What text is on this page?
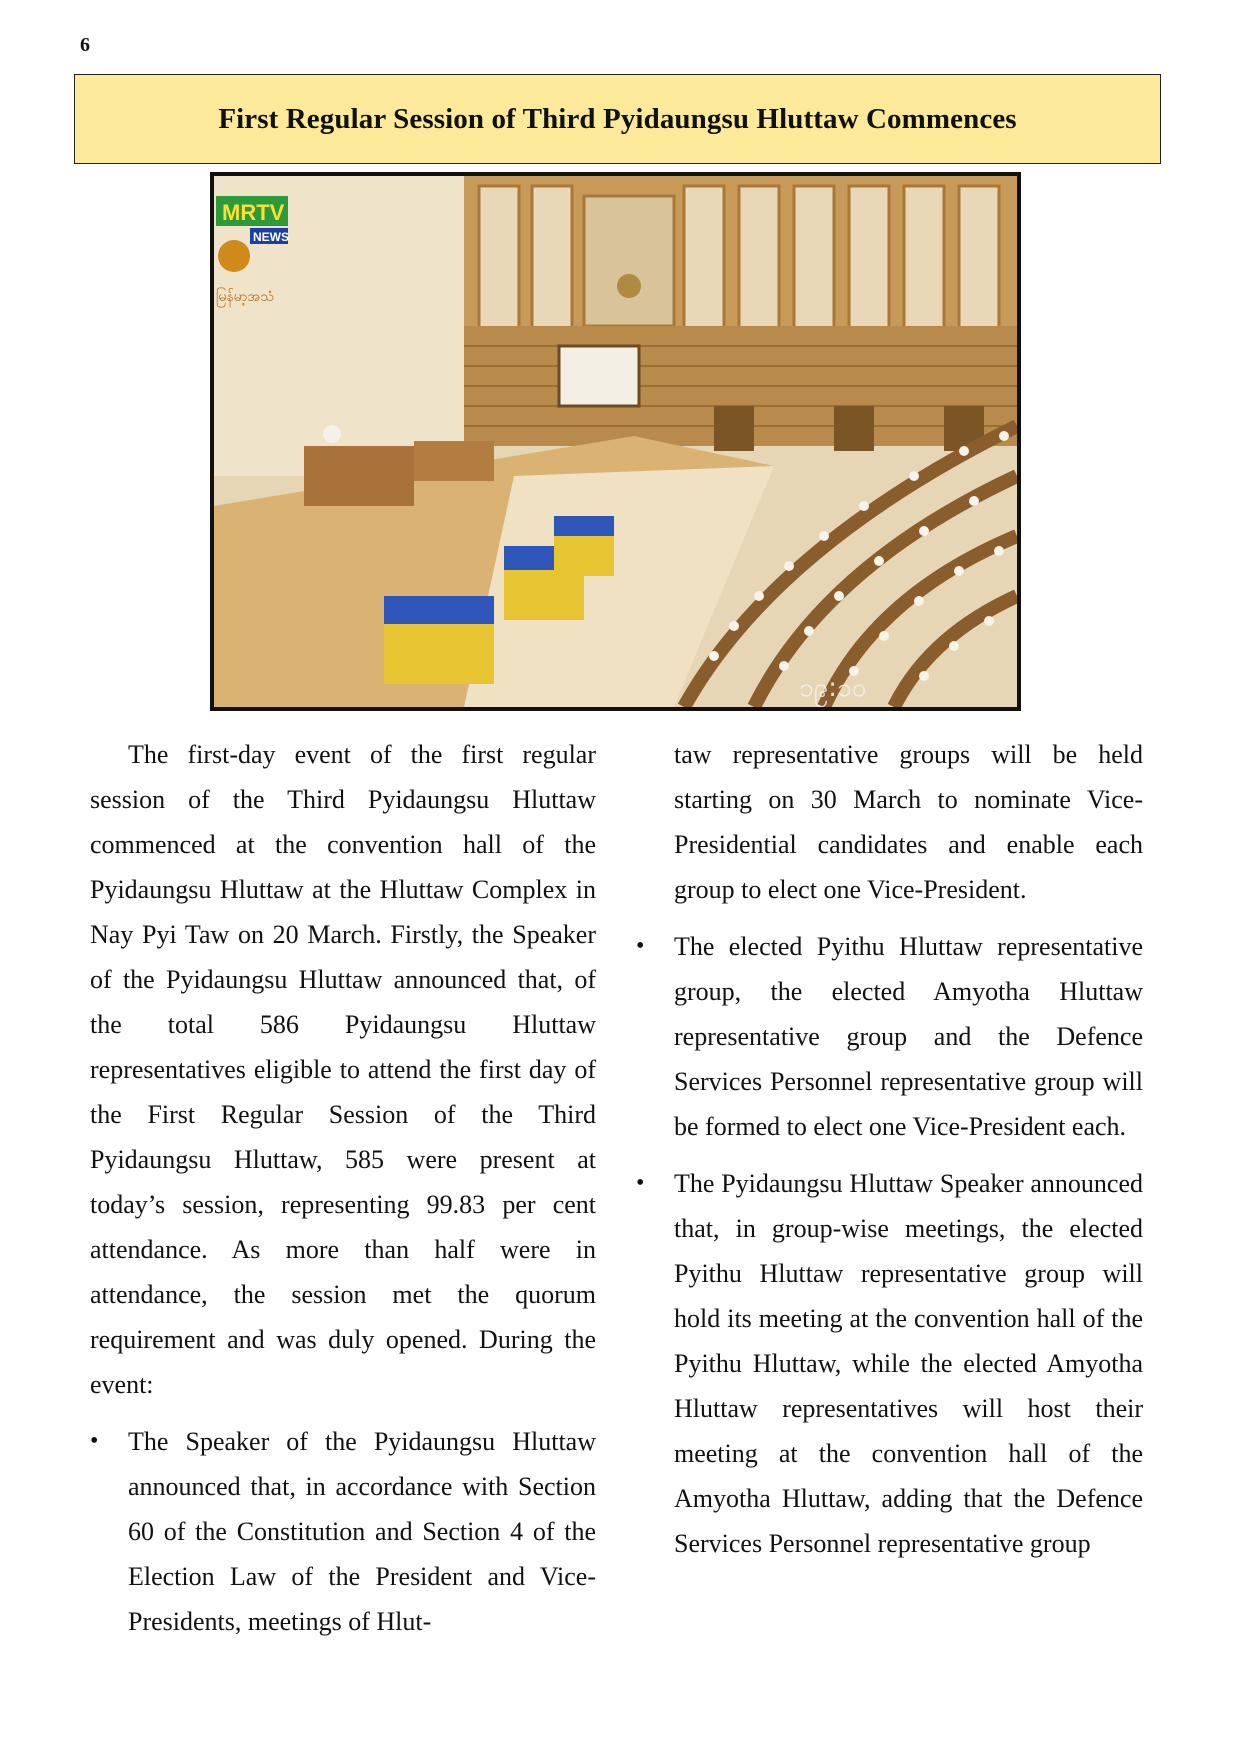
6
First Regular Session of Third Pyidaungsu Hluttaw Commences
MRTV
NEWS
မြန်မာ့အသံ
၁၉:၁၀

The first-day event of the first regular session of the Third Pyidaungsu Hluttaw commenced at the convention hall of the Pyidaungsu Hluttaw at the Hluttaw Complex in Nay Pyi Taw on 20 March. Firstly, the Speaker of the Pyidaungsu Hluttaw announced that, of the total 586 Pyidaungsu Hluttaw representatives eligible to attend the first day of the First Regular Session of the Third Pyidaungsu Hluttaw, 585 were present at today’s session, representing 99.83 per cent attendance. As more than half were in attendance, the session met the quorum requirement and was duly opened. During the event:

• The Speaker of the Pyidaungsu Hluttaw announced that, in accordance with Section 60 of the Constitution and Section 4 of the Election Law of the President and Vice-Presidents, meetings of Hlut-

taw representative groups will be held starting on 30 March to nominate Vice-Presidential candidates and enable each group to elect one Vice-President.

• The elected Pyithu Hluttaw representative group, the elected Amyotha Hluttaw representative group and the Defence Services Personnel representative group will be formed to elect one Vice-President each.

• The Pyidaungsu Hluttaw Speaker announced that, in group-wise meetings, the elected Pyithu Hluttaw representative group will hold its meeting at the convention hall of the Pyithu Hluttaw, while the elected Amyotha Hluttaw representatives will host their meeting at the convention hall of the Amyotha Hluttaw, adding that the Defence Services Personnel representative group
